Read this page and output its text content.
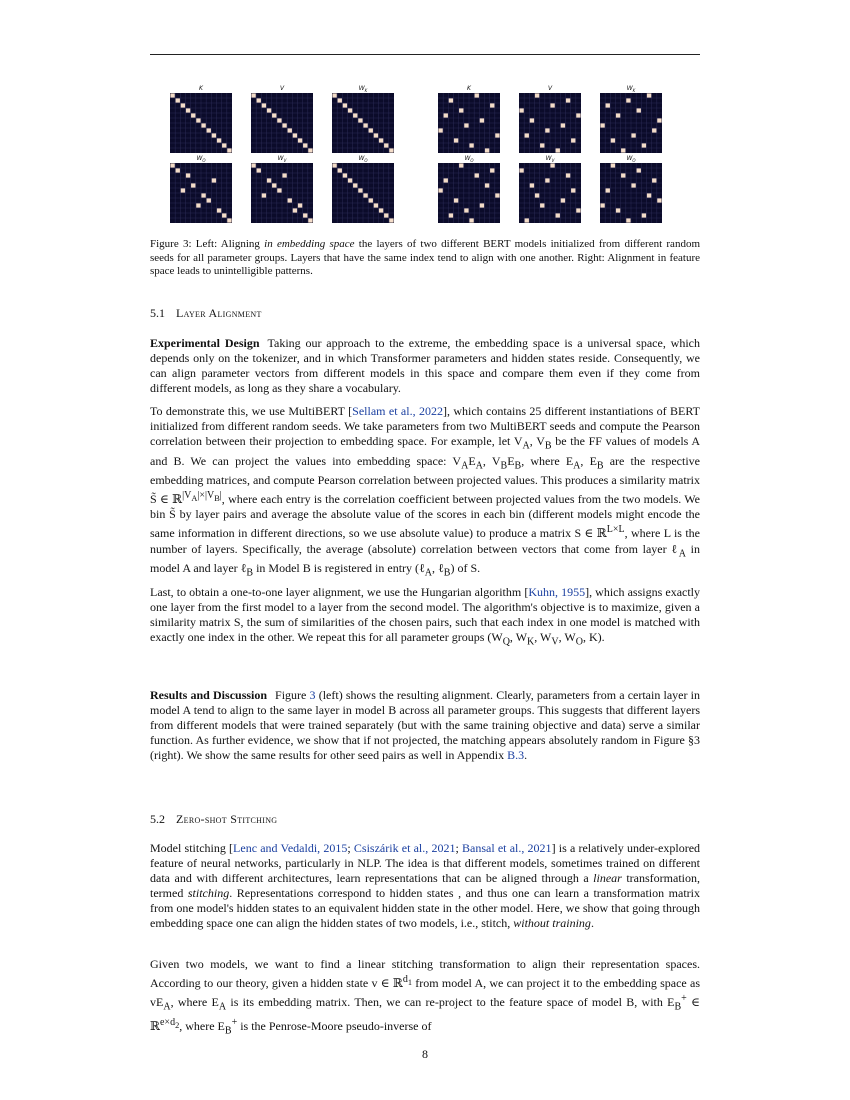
K	V	$W_K$
$W_O$	$W_V$	$W_O$
K	V	$W_K$
$W_O$	$W_V$	$W_O$
Figure 3: Left: Aligning in embedding space the layers of two different BERT models initialized from different random seeds for all parameter groups. Layers that have the same index tend to align with one another. Right: Alignment in feature space leads to unintelligible patterns.
5.1 Layer Alignment
Experimental Design Taking our approach to the extreme, the embedding space is a universal space, which depends only on the tokenizer, and in which Transformer parameters and hidden states reside. Consequently, we can align parameter vectors from different models in this space and compare them even if they come from different models, as long as they share a vocabulary.
To demonstrate this, we use MultiBERT [Sellam et al., 2022], which contains 25 different instantiations of BERT initialized from different random seeds. We take parameters from two MultiBERT seeds and compute the Pearson correlation between their projection to embedding space. For example, let $V_A$, $V_B$ be the FF values of models A and B. We can project the values into embedding space: $V_AE_A$, $V_BE_B$, where $E_A$, $E_B$ are the respective embedding matrices, and compute Pearson correlation between projected values. This produces a similarity matrix S̃ ∈ ℝ$^{|V_A|\times|V_B|}$, where each entry is the correlation coefficient between projected values from the two models. We bin S̃ by layer pairs and average the absolute value of the scores in each bin (different models might encode the same information in different directions, so we use absolute value) to produce a matrix S ∈ ℝ$^{L\times L}$, where L is the number of layers. Specifically, the average (absolute) correlation between vectors that come from layer ℓ$_A$ in model A and layer ℓ$_B$ in Model B is registered in entry (ℓ$_A$, ℓ$_B$) of S.
Last, to obtain a one-to-one layer alignment, we use the Hungarian algorithm [Kuhn, 1955], which assigns exactly one layer from the first model to a layer from the second model. The algorithm's objective is to maximize, given a similarity matrix S, the sum of similarities of the chosen pairs, such that each index in one model is matched with exactly one index in the other. We repeat this for all parameter groups ($W_Q$, $W_K$, $W_V$, $W_O$, K).
Results and Discussion Figure 3 (left) shows the resulting alignment. Clearly, parameters from a certain layer in model A tend to align to the same layer in model B across all parameter groups. This suggests that different layers from different models that were trained separately (but with the same training objective and data) serve a similar function. As further evidence, we show that if not projected, the matching appears absolutely random in Figure §3 (right). We show the same results for other seed pairs as well in Appendix B.3.
5.2 Zero-shot Stitching
Model stitching [Lenc and Vedaldi, 2015; Csiszárik et al., 2021; Bansal et al., 2021] is a relatively under-explored feature of neural networks, particularly in NLP. The idea is that different models, sometimes trained on different data and with different architectures, learn representations that can be aligned through a linear transformation, termed stitching. Representations correspond to hidden states , and thus one can learn a transformation matrix from one model's hidden states to an equivalent hidden state in the other model. Here, we show that going through embedding space one can align the hidden states of two models, i.e., stitch, without training.
Given two models, we want to find a linear stitching transformation to align their representation spaces. According to our theory, given a hidden state v ∈ ℝ$^{d_1}$ from model A, we can project it to the embedding space as $vE_A$, where $E_A$ is its embedding matrix. Then, we can re-project to the feature space of model B, with $E_B^+$ ∈ ℝ$^{e\times d_2}$, where $E_B^+$ is the Penrose-Moore pseudo-inverse of
8
